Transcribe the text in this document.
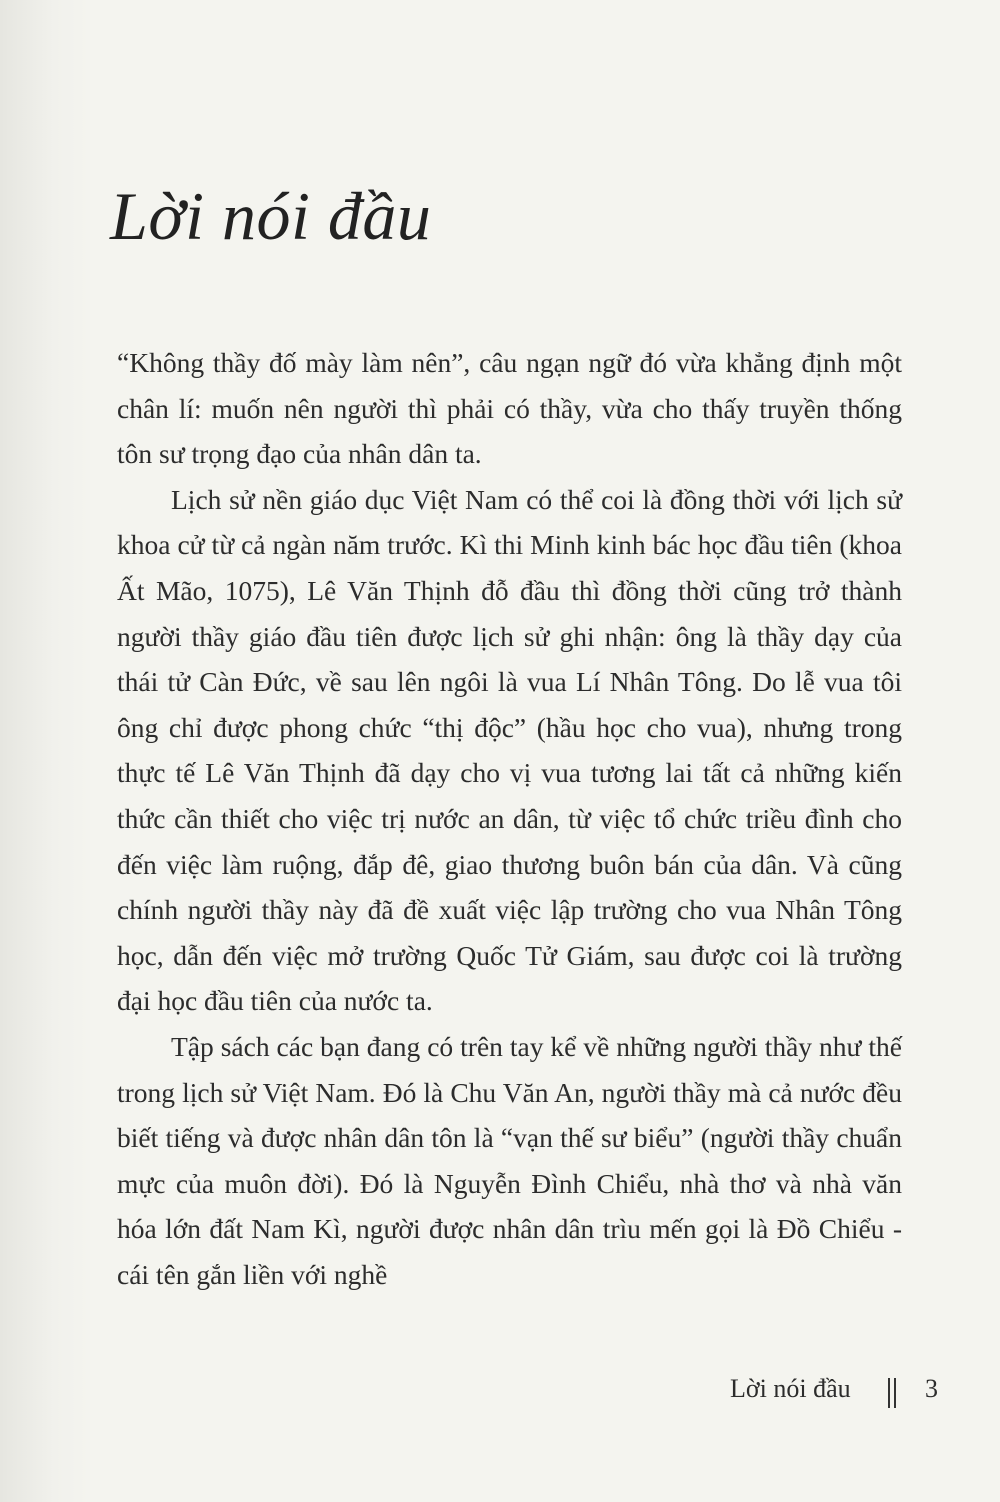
Lời nói đầu

“Không thầy đố mày làm nên”, câu ngạn ngữ đó vừa khẳng định một chân lí: muốn nên người thì phải có thầy, vừa cho thấy truyền thống tôn sư trọng đạo của nhân dân ta.

Lịch sử nền giáo dục Việt Nam có thể coi là đồng thời với lịch sử khoa cử từ cả ngàn năm trước. Kì thi Minh kinh bác học đầu tiên (khoa Ất Mão, 1075), Lê Văn Thịnh đỗ đầu thì đồng thời cũng trở thành người thầy giáo đầu tiên được lịch sử ghi nhận: ông là thầy dạy của thái tử Càn Đức, về sau lên ngôi là vua Lí Nhân Tông. Do lễ vua tôi ông chỉ được phong chức “thị độc” (hầu học cho vua), nhưng trong thực tế Lê Văn Thịnh đã dạy cho vị vua tương lai tất cả những kiến thức cần thiết cho việc trị nước an dân, từ việc tổ chức triều đình cho đến việc làm ruộng, đắp đê, giao thương buôn bán của dân. Và cũng chính người thầy này đã đề xuất việc lập trường cho vua Nhân Tông học, dẫn đến việc mở trường Quốc Tử Giám, sau được coi là trường đại học đầu tiên của nước ta.

Tập sách các bạn đang có trên tay kể về những người thầy như thế trong lịch sử Việt Nam. Đó là Chu Văn An, người thầy mà cả nước đều biết tiếng và được nhân dân tôn là “vạn thế sư biểu” (người thầy chuẩn mực của muôn đời). Đó là Nguyễn Đình Chiểu, nhà thơ và nhà văn hóa lớn đất Nam Kì, người được nhân dân trìu mến gọi là Đồ Chiểu - cái tên gắn liền với nghề

Lời nói đầu	3
